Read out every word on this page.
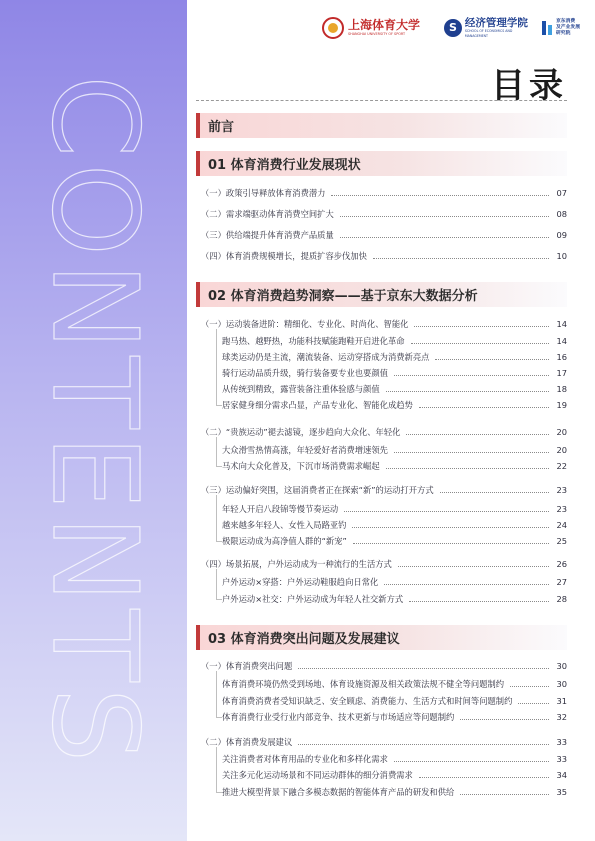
CONTENTS
上海体育大学
SHANGHAI UNIVERSITY OF SPORT	S 经济管理学院
SCHOOL OF ECONOMICS AND MANAGEMENT
京东消费
及产业发展
研究院
目录
前言
01 体育消费行业发展现状
（一）政策引导释放体育消费潜力	07
（二）需求端驱动体育消费空间扩大	08
（三）供给端提升体育消费产品质量	09
（四）体育消费规模增长，提质扩容步伐加快	10
02 体育消费趋势洞察——基于京东大数据分析
（一）运动装备进阶：精细化、专业化、时尚化、智能化	14
跑马热、越野热，功能科技赋能跑鞋开启进化革命	14
球类运动仍是主流，潮流装备、运动穿搭成为消费新亮点	16
骑行运动品质升级，骑行装备要专业也要颜值	17
从传统到精致，露营装备注重体验感与颜值	18
居家健身细分需求凸显，产品专业化、智能化成趋势	19
（二）“贵族运动”褪去滤镜，逐步趋向大众化、年轻化	20
大众滑雪热情高涨，年轻爱好者消费增速领先	20
马术向大众化普及，下沉市场消费需求崛起	22
（三）运动偏好突围，这届消费者正在探索“新”的运动打开方式	23
年轻人开启八段锦等慢节奏运动	23
越来越多年轻人、女性入局路亚钓	24
极限运动成为高净值人群的“新宠”	25
（四）场景拓展，户外运动成为一种流行的生活方式	26
户外运动×穿搭：户外运动鞋服趋向日常化	27
户外运动×社交：户外运动成为年轻人社交新方式	28
03 体育消费突出问题及发展建议
（一）体育消费突出问题	30
体育消费环境仍然受到场地、体育设施资源及相关政策法规不健全等问题制约	30
体育消费消费者受知识缺乏、安全顾虑、消费能力、生活方式和时间等问题制约	31
体育消费行业受行业内部竞争、技术更新与市场适应等问题制约	32
（二）体育消费发展建议	33
关注消费者对体育用品的专业化和多样化需求	33
关注多元化运动场景和不同运动群体的细分消费需求	34
推进大模型背景下融合多模态数据的智能体育产品的研发和供给	35
